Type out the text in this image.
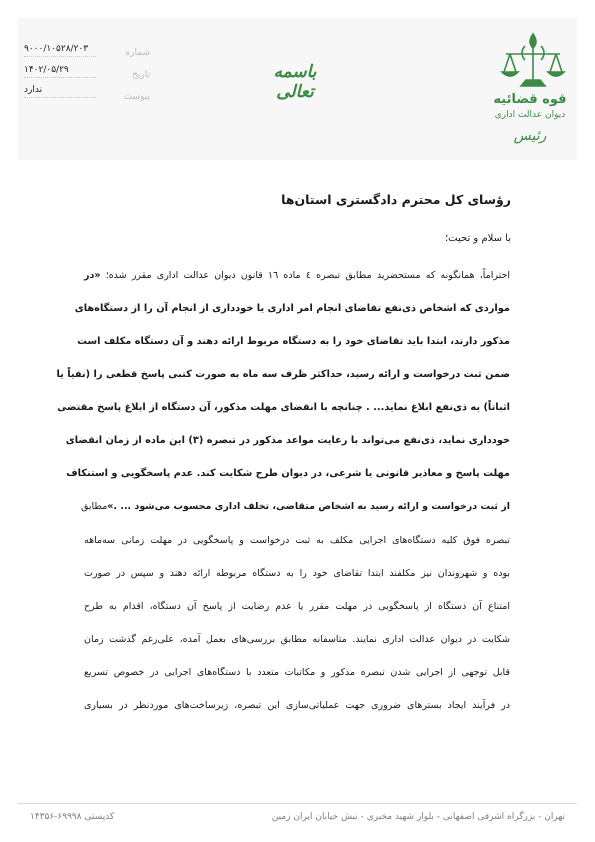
قوه قضائیه
دیوان عدالت اداری
رئیس
باسمه تعالی
شماره
۹۰۰۰/۱۰۵۲۸/۲۰۳
تاریخ
۱۴۰۲/۰۵/۲۹
پیوست
ندارد
رؤسای کل محترم دادگستری استان‌ها
با سلام و تحیت؛
احتراماً، همانگونه که مستحضرید مطابق تبصره ٤ ماده ١٦ قانون دیوان عدالت اداری مقرر شده؛ «در
مواردی که اشخاص ذی‌نفع تقاضای انجام امر اداری یا خودداری از انجام آن را از دستگاه‌های
مذکور دارند، ابتدا باید تقاضای خود را به دستگاه مربوط ارائه دهند و آن دستگاه مکلف است
ضمن ثبت درخواست و ارائه رسید، حداکثر ظرف سه ماه به صورت کتبی پاسخ قطعی را (نفیاً یا
اثباتاً) به ذی‌نفع ابلاغ نماید... . چنانچه با انقضای مهلت مذکور، آن دستگاه از ابلاغ پاسخ مقتضی
خودداری نماید، ذی‌نفع می‌تواند با رعایت مواعد مذکور در تبصره (۳) این ماده از زمان انقضای
مهلت پاسخ و معاذیر قانونی یا شرعی، در دیوان طرح شکایت کند. عدم پاسخگویی و استنکاف
از ثبت درخواست و ارائه رسید به اشخاص متقاضی، تخلف اداری محسوب می‌شود ... .»مطابق
تبصره فوق کلیه دستگاه‌های اجرایی مکلف به ثبت درخواست و پاسخگویی در مهلت زمانی سه‌ماهه
بوده و شهروندان نیز مکلفند ابتدا تقاضای خود را به دستگاه مربوطه ارائه دهند و سپس در صورت
امتناع آن دستگاه از پاسخگویی در مهلت مقرر یا عدم رضایت از پاسخ آن دستگاه، اقدام به طرح
شکایت در دیوان عدالت اداری نمایند. متاسفانه مطابق بررسی‌های بعمل آمده، علی‌رغم گذشت زمان
قابل توجهی از اجرایی شدن تبصره مذکور و مکاتبات متعدد با دستگاه‌های اجرایی در خصوص تسریع
در فرآیند ایجاد بسترهای ضروری جهت عملیاتی‌سازی این تبصره، زیرساخت‌های موردنظر در بسیاری
تهران - بزرگراه اشرفی اصفهانی - بلوار شهید مخبری - نبش خیابان ایران زمین
کدپستی ۶۹۹۹۸-۱۴۳۵۶
